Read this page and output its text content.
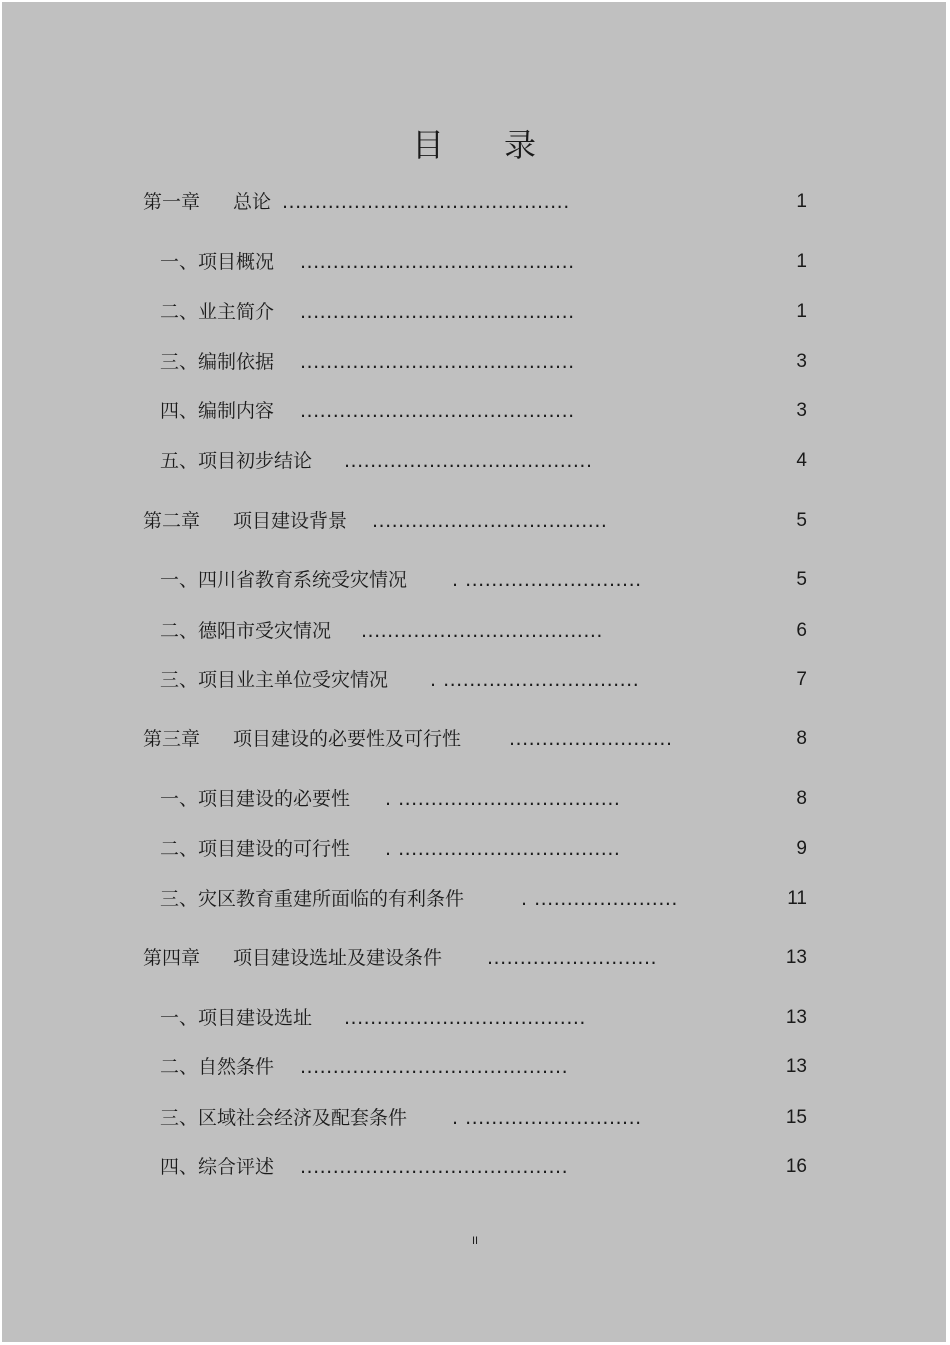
目 录
第一章 总论 ............................................	1
一、项目概况 ..........................................	1
二、业主简介 ..........................................	1
三、编制依据 ..........................................	3
四、编制内容 ..........................................	3
五、项目初步结论 ......................................	4
第二章 项目建设背景 ....................................	5
一、四川省教育系统受灾情况 . ...........................	5
二、德阳市受灾情况 .....................................	6
三、项目业主单位受灾情况 . ..............................	7
第三章 项目建设的必要性及可行性	.........................	8
一、项目建设的必要性 . ..................................	8
二、项目建设的可行性 . ..................................	9
三、灾区教育重建所面临的有利条件	. ......................	11
第四章 项目建设选址及建设条件 ..........................	13
一、项目建设选址 .....................................	13
二、自然条件 .........................................	13
三、区域社会经济及配套条件 . ...........................	15
四、综合评述 .........................................	16
II
